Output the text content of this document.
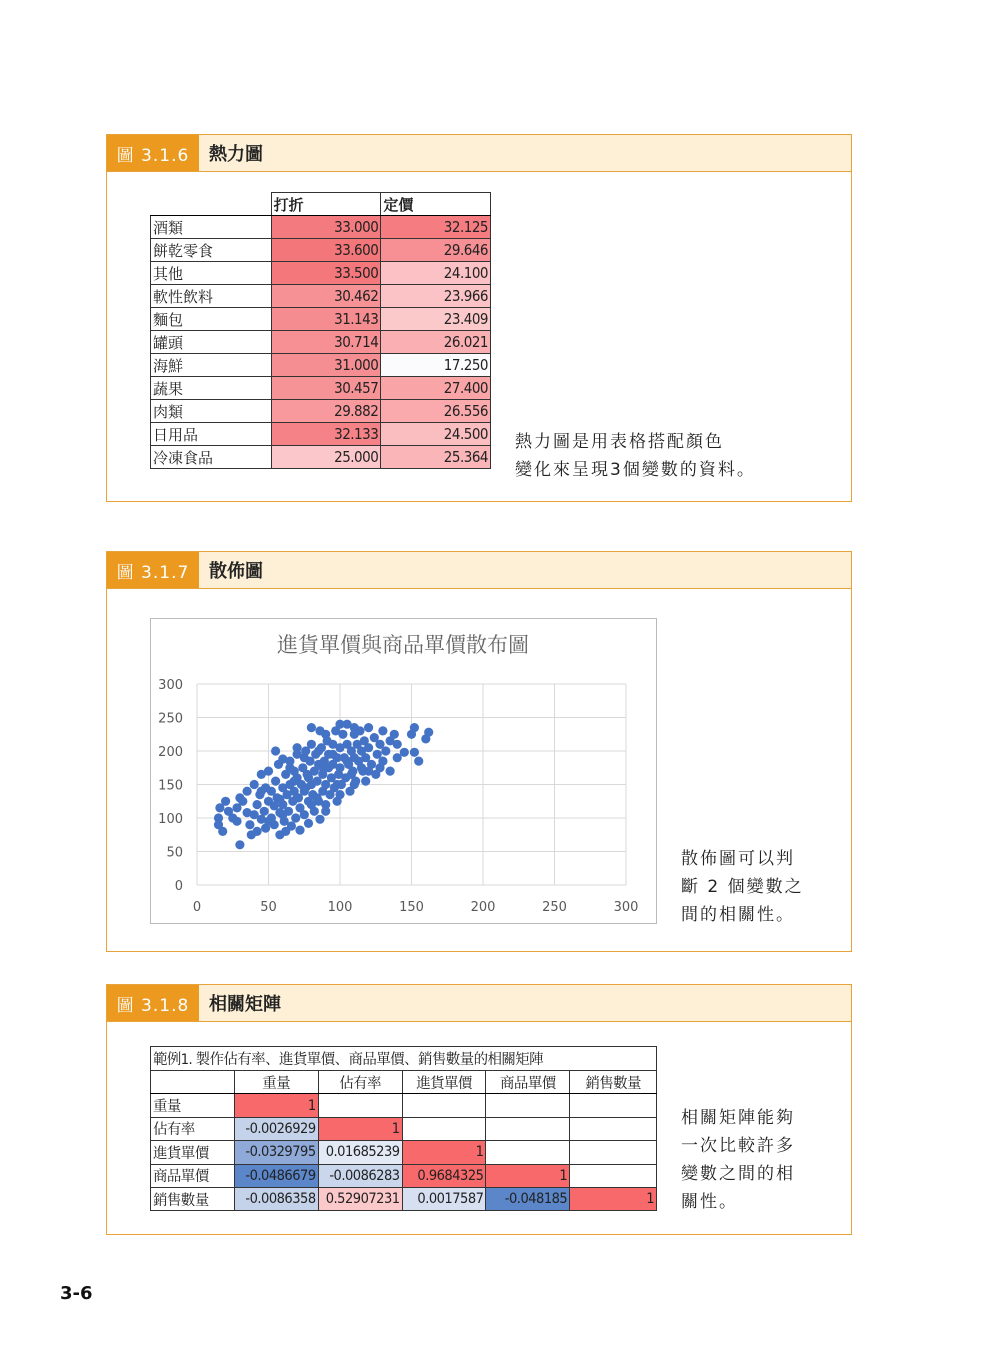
圖 3.1.6	熱力圖
	打折	定價
酒類	33.000	32.125
餅乾零食	33.600	29.646
其他	33.500	24.100
軟性飲料	30.462	23.966
麵包	31.143	23.409
罐頭	30.714	26.021
海鮮	31.000	17.250
蔬果	30.457	27.400
肉類	29.882	26.556
日用品	32.133	24.500
冷凍食品	25.000	25.364
熱力圖是用表格搭配顏色
變化來呈現3個變數的資料。
圖 3.1.7	散佈圖
進貨單價與商品單價散布圖
0
50
100
150
200
250
300
0	50	100	150	200	250	300
散佈圖可以判
斷 2 個變數之
間的相關性。
圖 3.1.8	相關矩陣
範例1. 製作佔有率、進貨單價、商品單價、銷售數量的相關矩陣					
	重量	佔有率	進貨單價	商品單價	銷售數量
重量	1				
佔有率	-0.0026929	1			
進貨單價	-0.0329795	0.01685239	1		
商品單價	-0.0486679	-0.0086283	0.9684325	1	
銷售數量	-0.0086358	0.52907231	0.0017587	-0.048185	1
相關矩陣能夠
一次比較許多
變數之間的相
關性。
3-6
